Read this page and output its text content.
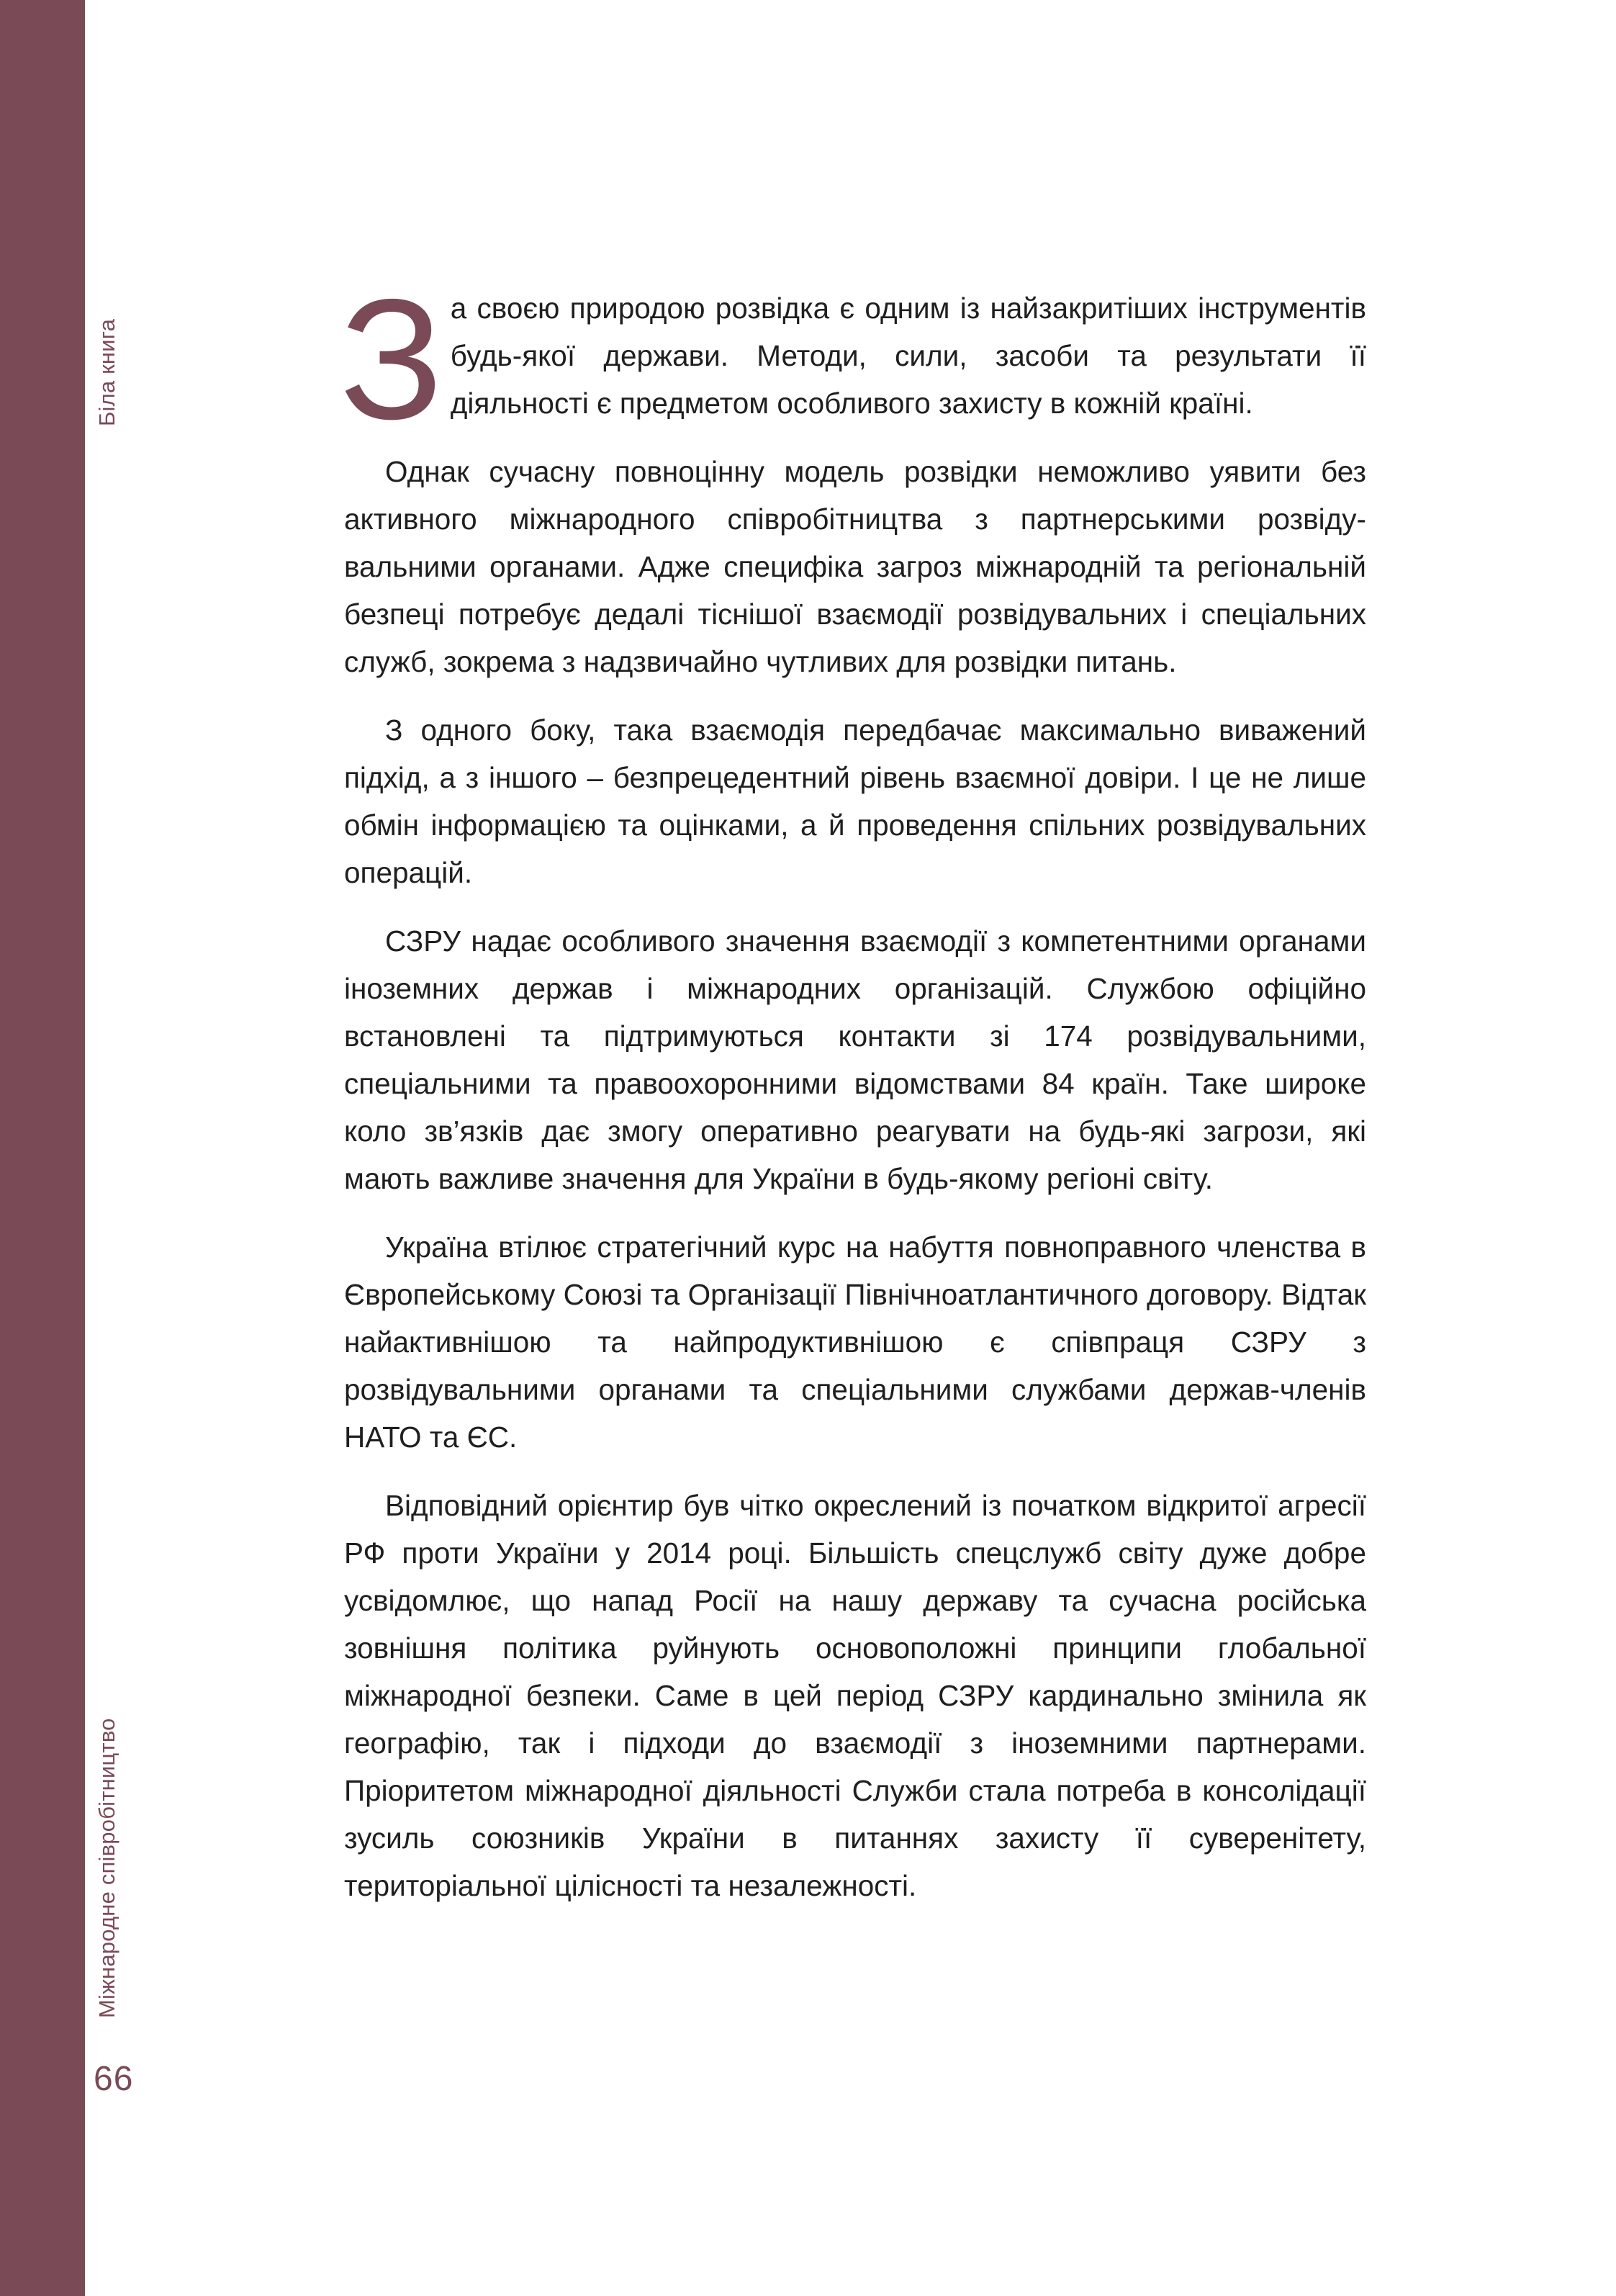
Біла книга
Міжнародне співробітництво
66

За своєю природою розвідка є одним із найзакритіших інструментів будь-якої держави. Методи, сили, засоби та результати її діяльності є предметом особливого захисту в кожній країні.

Однак сучасну повноцінну модель розвідки неможливо уявити без активного міжнародного співробітництва з партнерськими розвідувальними органами. Адже специфіка загроз міжнародній та регіональній безпеці потребує дедалі тіснішої взаємодії розвідувальних і спеціальних служб, зокрема з надзвичайно чутливих для розвідки питань.

З одного боку, така взаємодія передбачає максимально виважений підхід, а з іншого – безпрецедентний рівень взаємної довіри. І це не лише обмін інформацією та оцінками, а й проведення спільних розвідувальних операцій.

СЗРУ надає особливого значення взаємодії з компетентними органами іноземних держав і міжнародних організацій. Службою офіційно встановлені та підтримуються контакти зі 174 розвідувальними, спеціальними та правоохоронними відомствами 84 країн. Таке широке коло зв’язків дає змогу оперативно реагувати на будь-які загрози, які мають важливе значення для України в будь-якому регіоні світу.

Україна втілює стратегічний курс на набуття повноправного членства в Європейському Союзі та Організації Північноатлантичного договору. Відтак найактивнішою та найпродуктивнішою є співпраця СЗРУ з розвідувальними органами та спеціальними службами держав-членів НАТО та ЄС.

Відповідний орієнтир був чітко окреслений із початком відкритої агресії РФ проти України у 2014 році. Більшість спецслужб світу дуже добре усвідомлює, що напад Росії на нашу державу та сучасна російська зовнішня політика руйнують основоположні принципи глобальної міжнародної безпеки. Саме в цей період СЗРУ кардинально змінила як географію, так і підходи до взаємодії з іноземними партнерами. Пріоритетом міжнародної діяльності Служби стала потреба в консолідації зусиль союзників України в питаннях захисту її суверенітету, територіальної цілісності та незалежності.
